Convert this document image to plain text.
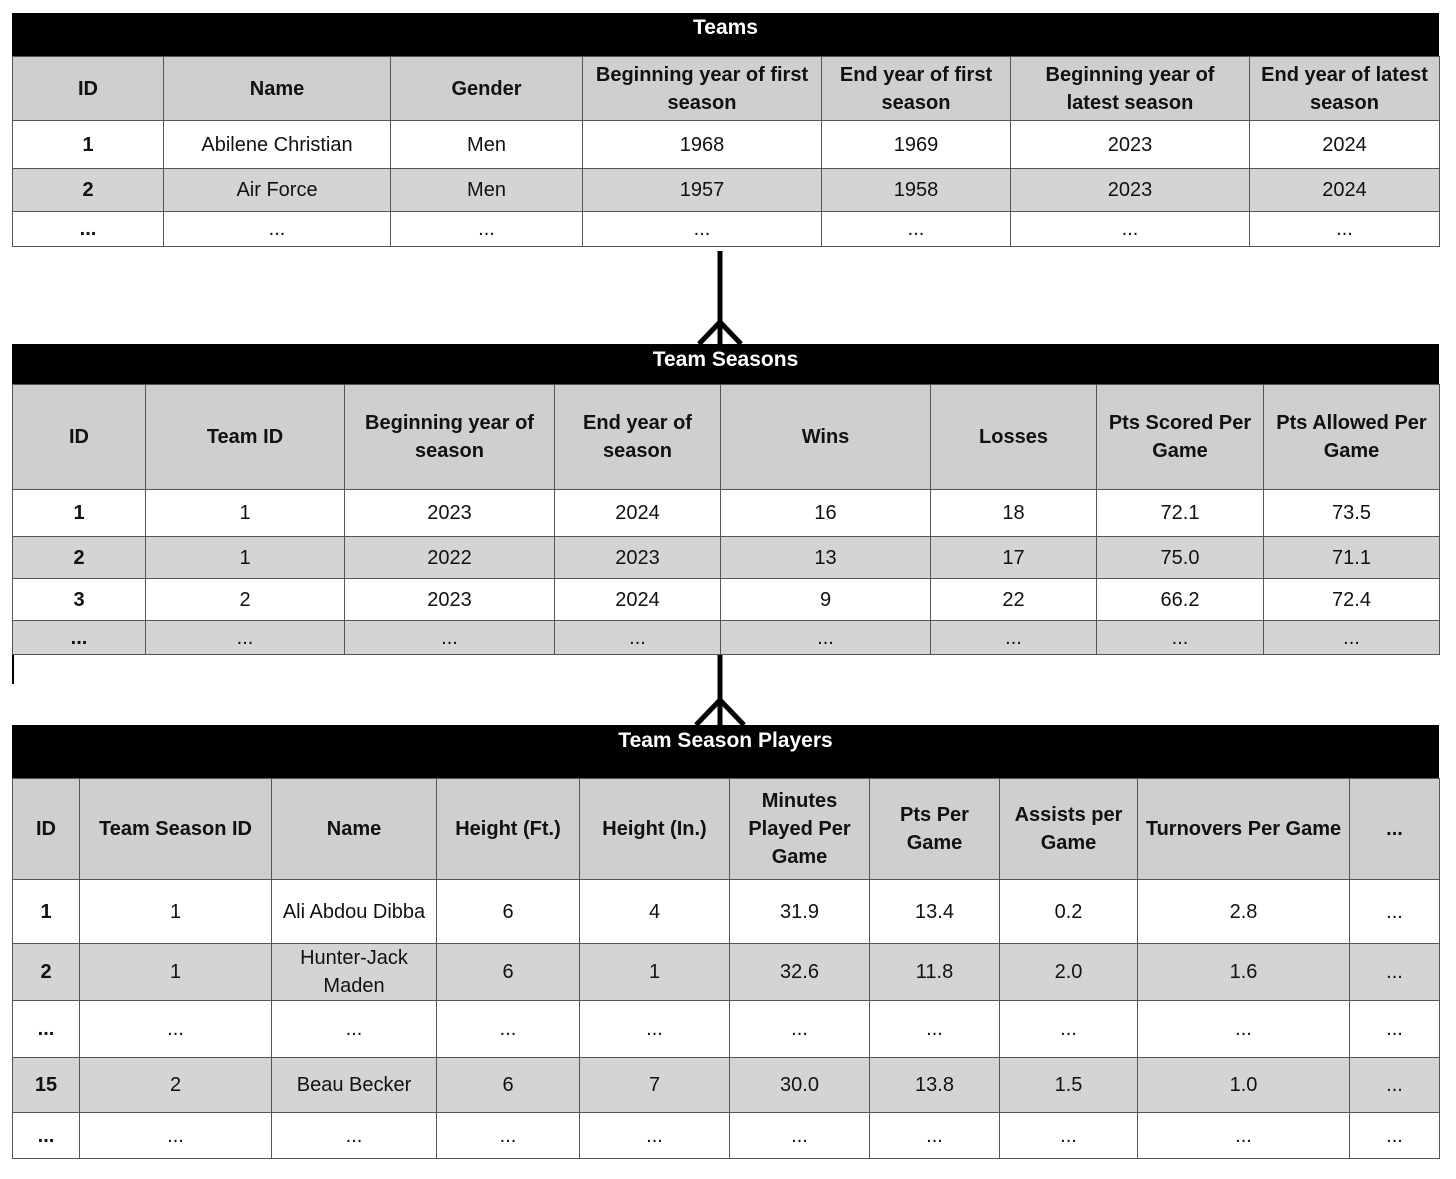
Teams
ID	Name	Gender	Beginning year of first season	End year of first season	Beginning year of latest season	End year of latest season
1	Abilene Christian	Men	1968	1969	2023	2024
2	Air Force	Men	1957	1958	2023	2024
...	...	...	...	...	...	...
Team Seasons
ID	Team ID	Beginning year of season	End year of season	Wins	Losses	Pts Scored Per Game	Pts Allowed Per Game
1	1	2023	2024	16	18	72.1	73.5
2	1	2022	2023	13	17	75.0	71.1
3	2	2023	2024	9	22	66.2	72.4
...	...	...	...	...	...	...	...
Team Season Players
ID	Team Season ID	Name	Height (Ft.)	Height (In.)	Minutes Played Per Game	Pts Per Game	Assists per Game	Turnovers Per Game	...
1	1	Ali Abdou Dibba	6	4	31.9	13.4	0.2	2.8	...
2	1	Hunter-Jack Maden	6	1	32.6	11.8	2.0	1.6	...
...	...	...	...	...	...	...	...	...	...
15	2	Beau Becker	6	7	30.0	13.8	1.5	1.0	...
...	...	...	...	...	...	...	...	...	...
